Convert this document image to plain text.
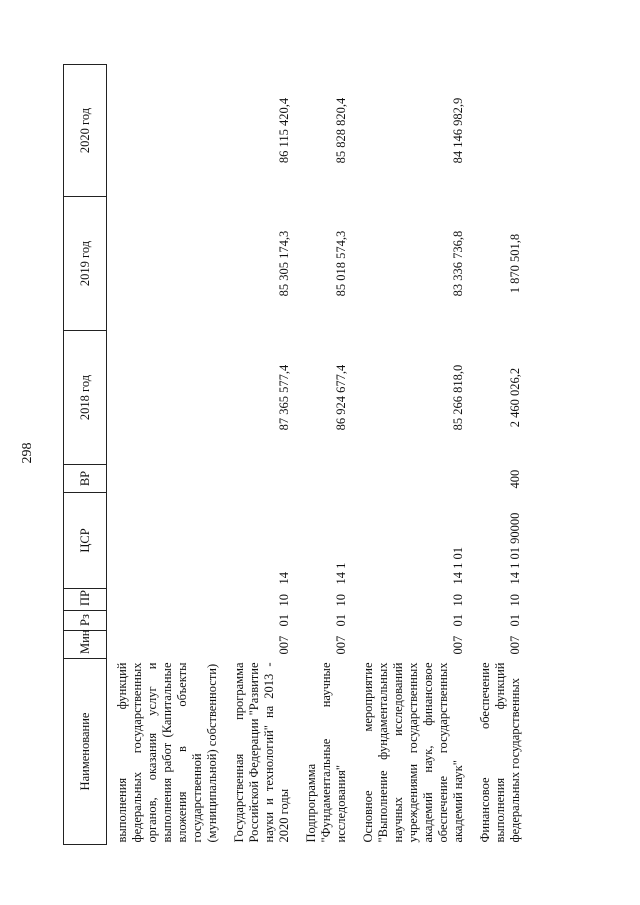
298
Наименование	Мин	Рз	ПР	ЦСР	ВР	2018 год	2019 год	2020 год
выполнения функций федеральных государственных органов, оказания услуг и выполнения работ (Капитальные вложения в объекты государственной (муниципальной) собственности)								
Государственная программа Российской Федерации "Развитие науки и технологий" на 2013 - 2020 годы	007	01	10	14		87 365 577,4	85 305 174,3	86 115 420,4
Подпрограмма "Фундаментальные научные исследования"	007	01	10	14 1		86 924 677,4	85 018 574,3	85 828 820,4
Основное мероприятие "Выполнение фундаментальных научных исследований учреждениями государственных академий наук, финансовое обеспечение государственных академий наук"	007	01	10	14 1 01		85 266 818,0	83 336 736,8	84 146 982,9
Финансовое обеспечение выполнения функций федеральных государственных	007	01	10	14 1 01 90000	400	2 460 026,2	1 870 501,8	
